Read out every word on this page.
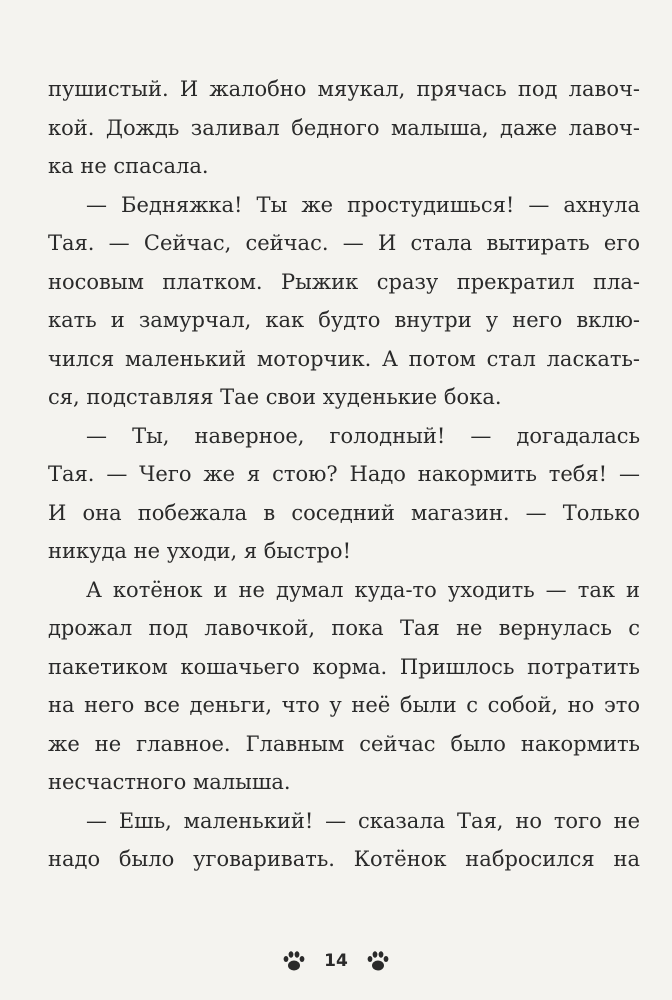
пушистый. И жалобно мяукал, прячась под лавоч-
кой. Дождь заливал бедного малыша, даже лавоч-
ка не спасала.
— Бедняжка! Ты же простудишься! — ахнула
Тая. — Сейчас, сейчас. — И стала вытирать его
носовым платком. Рыжик сразу прекратил пла-
кать и замурчал, как будто внутри у него вклю-
чился маленький моторчик. А потом стал ласкать-
ся, подставляя Тае свои худенькие бока.
— Ты, наверное, голодный! — догадалась
Тая. — Чего же я стою? Надо накормить тебя! —
И она побежала в соседний магазин. — Только
никуда не уходи, я быстро!
А котёнок и не думал куда-то уходить — так и
дрожал под лавочкой, пока Тая не вернулась с
пакетиком кошачьего корма. Пришлось потратить
на него все деньги, что у неё были с собой, но это
же не главное. Главным сейчас было накормить
несчастного малыша.
— Ешь, маленький! — сказала Тая, но того не
надо было уговаривать. Котёнок набросился на
14
